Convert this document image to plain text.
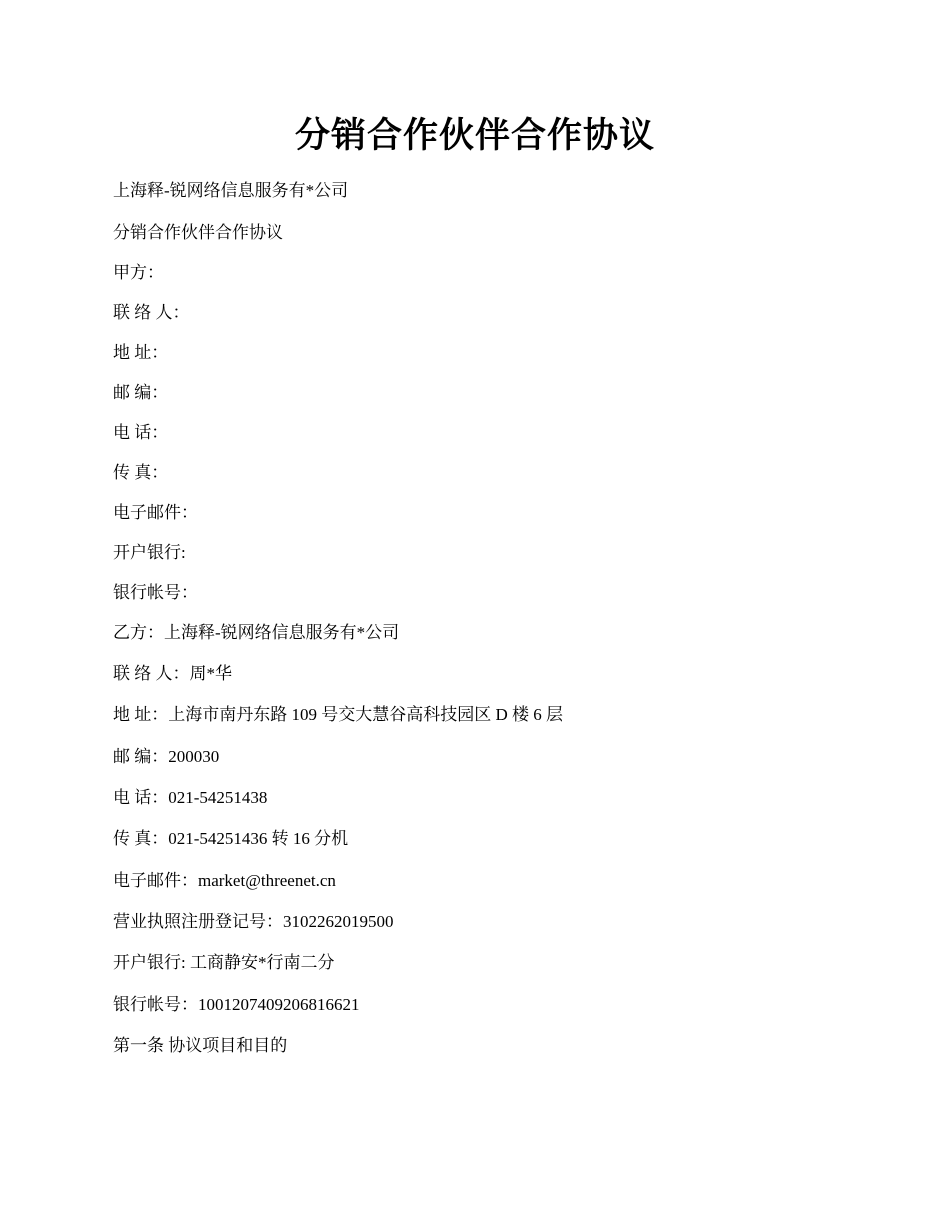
分销合作伙伴合作协议
上海释-锐网络信息服务有*公司
分销合作伙伴合作协议
甲方：
联 络 人：
地 址：
邮 编：
电 话：
传 真：
电子邮件：
开户银行:
银行帐号：
乙方：上海释-锐网络信息服务有*公司
联 络 人：周*华
地 址：上海市南丹东路 109 号交大慧谷高科技园区 D 楼 6 层
邮 编：200030
电 话：021-54251438
传 真：021-54251436 转 16 分机
电子邮件：market@threenet.cn
营业执照注册登记号：3102262019500
开户银行: 工商静安*行南二分
银行帐号：1001207409206816621
第一条 协议项目和目的
